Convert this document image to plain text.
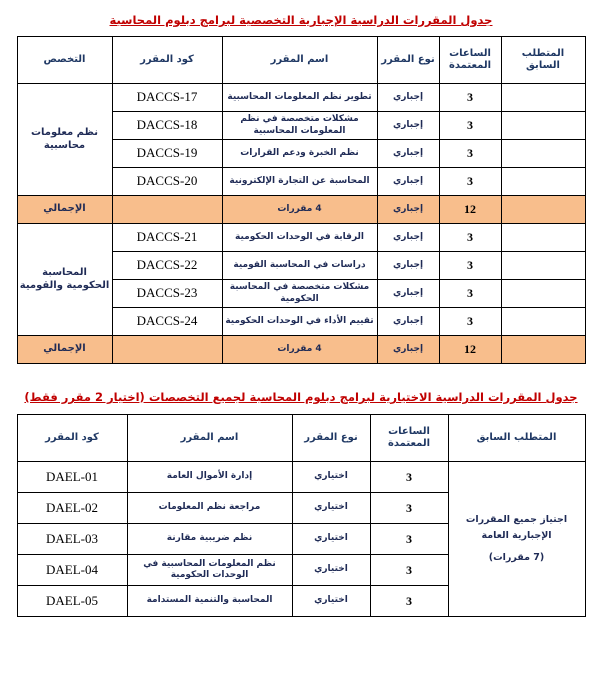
جدول المقررات الدراسية الإجبارية التخصصية لبرامج دبلوم المحاسبة
المتطلب السابق	الساعات المعتمدة	نوع المقرر	اسم المقرر	كود المقرر	التخصص
	3	إجباري	تطوير نظم المعلومات المحاسبية	DACCS-17	نظم معلومات محاسبية
	3	إجباري	مشكلات متخصصة في نظم المعلومات المحاسبية	DACCS-18	
	3	إجباري	نظم الخبرة ودعم القرارات	DACCS-19	
	3	إجباري	المحاسبة عن التجارة الإلكترونية	DACCS-20	
	12	إجباري	4 مقررات		الإجمالي
	3	إجباري	الرقابة في الوحدات الحكومية	DACCS-21	المحاسبة الحكومية والقومية
	3	إجباري	دراسات في المحاسبة القومية	DACCS-22	
	3	إجباري	مشكلات متخصصة في المحاسبة الحكومية	DACCS-23	
	3	إجباري	تقييم الأداء في الوحدات الحكومية	DACCS-24	
	12	إجباري	4 مقررات		الإجمالي
جدول المقررات الدراسية الاختيارية لبرامج دبلوم المحاسبة لجميع التخصصات (اختيار 2 مقرر فقط)
المتطلب السابق	الساعات المعتمدة	نوع المقرر	اسم المقرر	كود المقرر
اجتياز جميع المقررات الإجبارية العامة
(7 مقررات)	3	اختياري	إدارة الأموال العامة	DAEL-01
	3	اختياري	مراجعة نظم المعلومات	DAEL-02
	3	اختياري	نظم ضريبية مقارنة	DAEL-03
	3	اختياري	نظم المعلومات المحاسبية في الوحدات الحكومية	DAEL-04
	3	اختياري	المحاسبة والتنمية المستدامة	DAEL-05
